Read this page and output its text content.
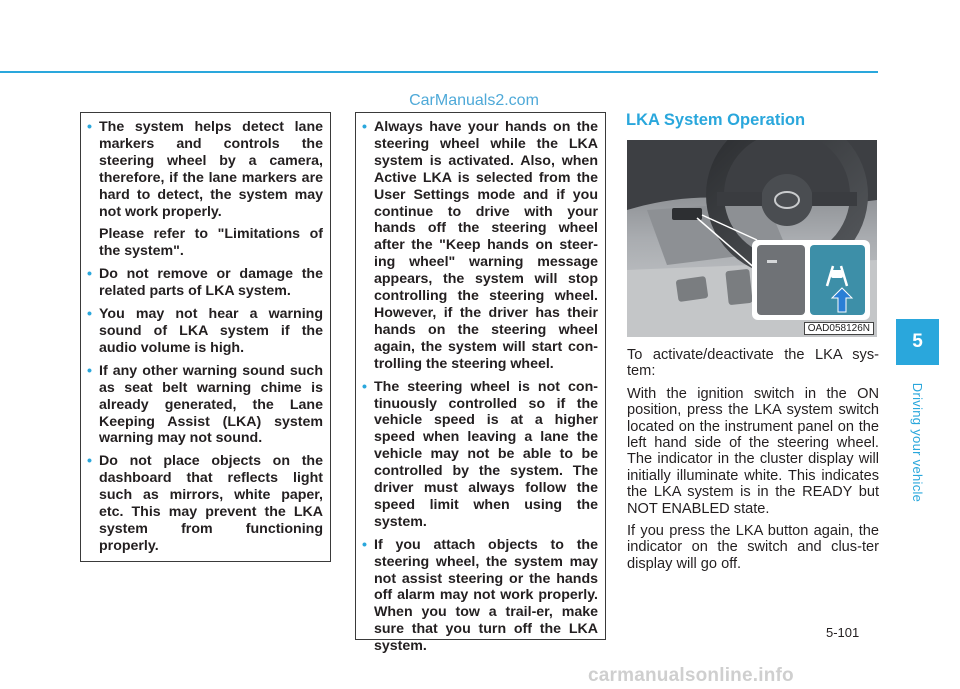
CarManuals2.com
• The system helps detect lane markers and controls the steering wheel by a camera, therefore, if the lane markers are hard to detect, the system may not work properly.

Please refer to "Limitations of the system".

• Do not remove or damage the related parts of LKA system.
• You may not hear a warning sound of LKA system if the audio volume is high.
• If any other warning sound such as seat belt warning chime is already generated, the Lane Keeping Assist (LKA) system warning may not sound.
• Do not place objects on the dashboard that reflects light such as mirrors, white paper, etc. This may prevent the LKA system from functioning properly.
• Always have your hands on the steering wheel while the LKA system is activated. Also, when Active LKA is selected from the User Settings mode and if you continue to drive with your hands off the steering wheel after the "Keep hands on steer-ing wheel" warning message appears, the system will stop controlling the steering wheel. However, if the driver has their hands on the steering wheel again, the system will start con-trolling the steering wheel.
• The steering wheel is not con-tinuously controlled so if the vehicle speed is at a higher speed when leaving a lane the vehicle may not be able to be controlled by the system. The driver must always follow the speed limit when using the system.
• If you attach objects to the steering wheel, the system may not assist steering or the hands off alarm may not work properly. When you tow a trail-er, make sure that you turn off the LKA system.
LKA System Operation
OAD058126N

To activate/deactivate the LKA sys-tem:

With the ignition switch in the ON position, press the LKA system switch located on the instrument panel on the left hand side of the steering wheel. The indicator in the cluster display will initially illuminate white. This indicates the LKA system is in the READY but NOT ENABLED state.

If you press the LKA button again, the indicator on the switch and clus-ter display will go off.

5
Driving your vehicle
5-101
carmanualsonline.info
